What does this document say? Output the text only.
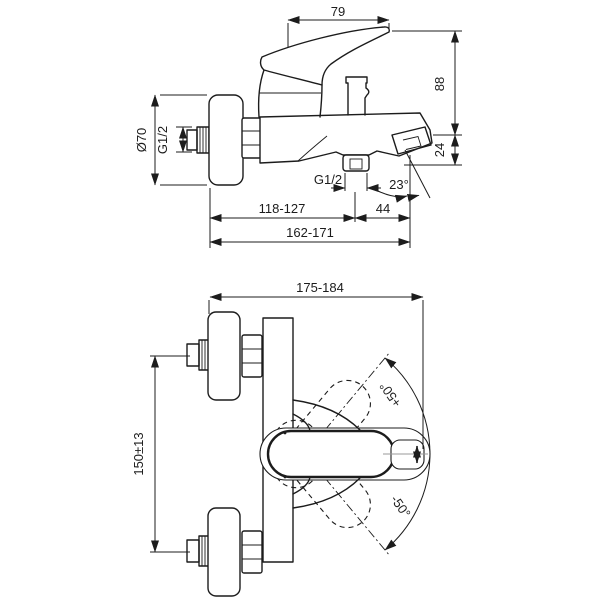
79
88
24
Ø70 G1/2
G1/2	23°
118-127	44
162-171
+50°
-50°
175-184
150±13
